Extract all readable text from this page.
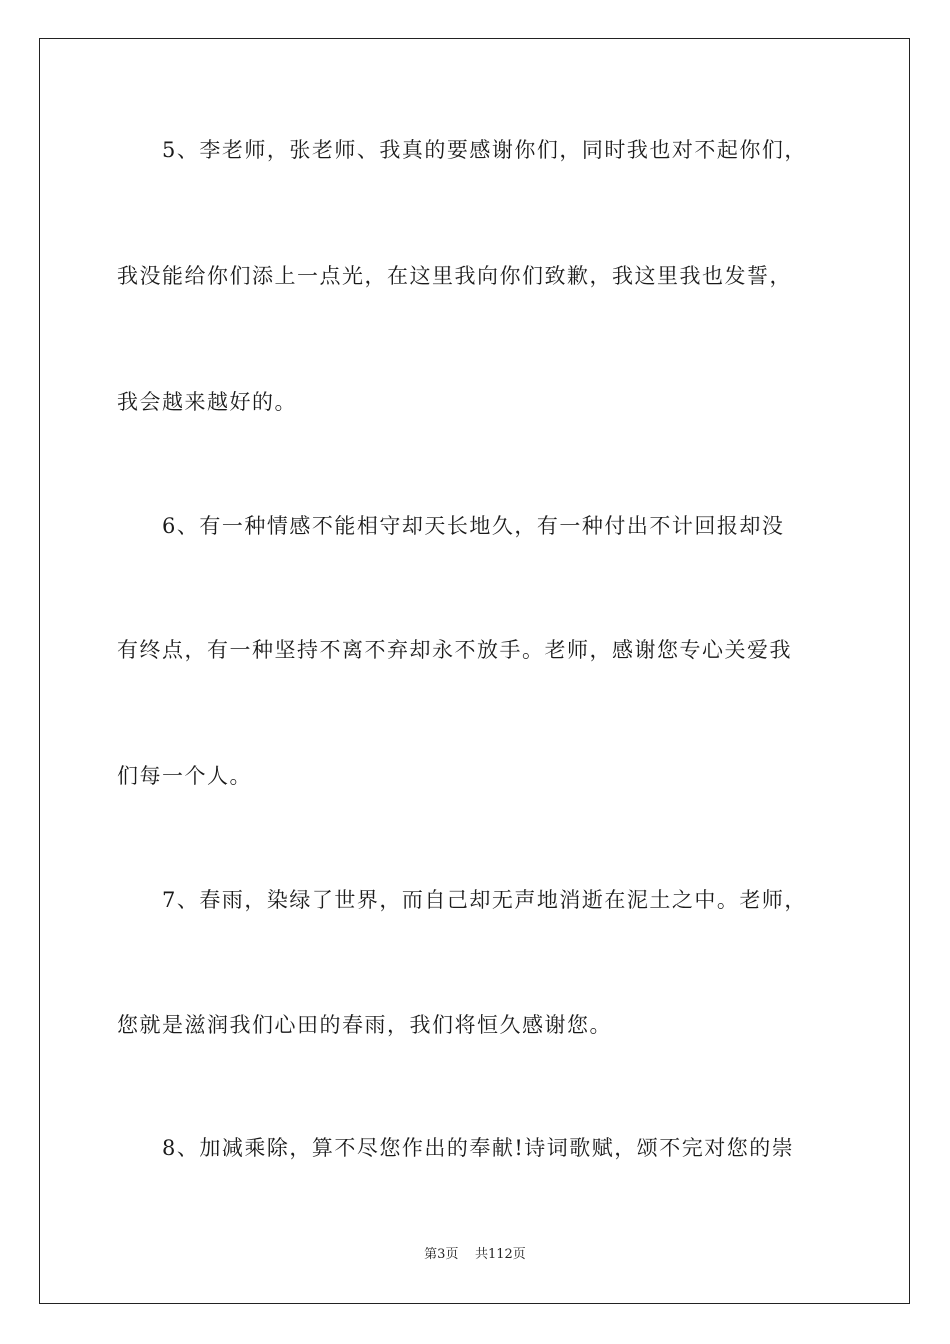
5、李老师，张老师、我真的要感谢你们，同时我也对不起你们，
我没能给你们添上一点光，在这里我向你们致歉，我这里我也发誓，
我会越来越好的。
6、有一种情感不能相守却天长地久，有一种付出不计回报却没
有终点，有一种坚持不离不弃却永不放手。老师，感谢您专心关爱我
们每一个人。
7、春雨，染绿了世界，而自己却无声地消逝在泥土之中。老师，
您就是滋润我们心田的春雨，我们将恒久感谢您。
8、加减乘除，算不尽您作出的奉献!诗词歌赋，颂不完对您的崇
第3页 共112页
